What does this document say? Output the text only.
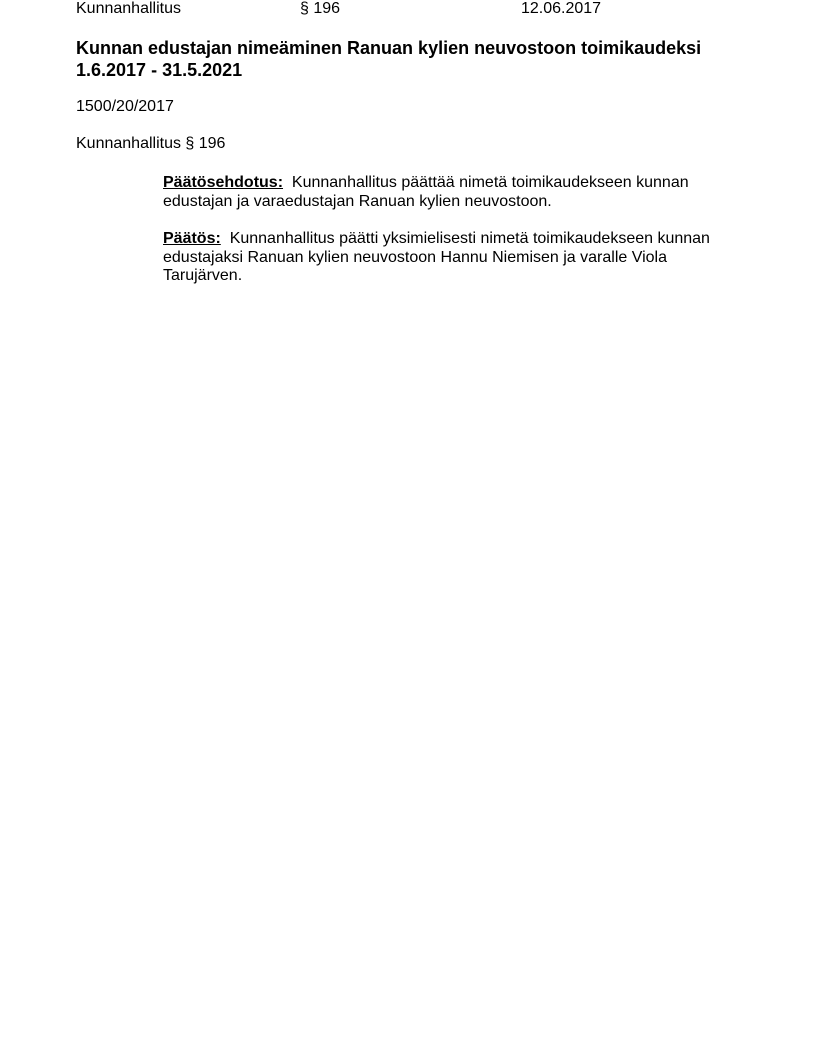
Kunnanhallitus	§ 196	12.06.2017
Kunnan edustajan nimeäminen Ranuan kylien neuvostoon toimikaudeksi 1.6.2017 - 31.5.2021
1500/20/2017
Kunnanhallitus § 196

Päätösehdotus: Kunnanhallitus päättää nimetä toimikaudekseen kunnan edustajan ja varaedustajan Ranuan kylien neuvostoon.

Päätös: Kunnanhallitus päätti yksimielisesti nimetä toimikaudekseen kunnan edustajaksi Ranuan kylien neuvostoon Hannu Niemisen ja varalle Viola Tarujärven.
